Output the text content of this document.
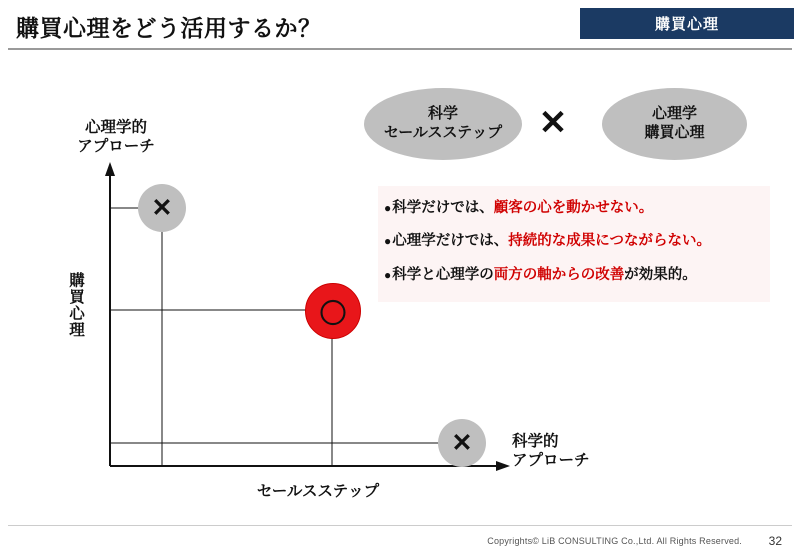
購買心理をどう活用するか？	購買心理
心理学的
アプローチ
購買心理
科学的
アプローチ
セールスステップ
✕
〇
✕
科学
セールスステップ	✕	心理学
購買心理
● 科学だけでは、 顧客の心を動かせない。
● 心理学だけでは、 持続的な成果につながらない。
● 科学と心理学の 両方の軸からの改善 が効果的。
Copyrights© LiB CONSULTING Co.,Ltd. All Rights Reserved. 32
